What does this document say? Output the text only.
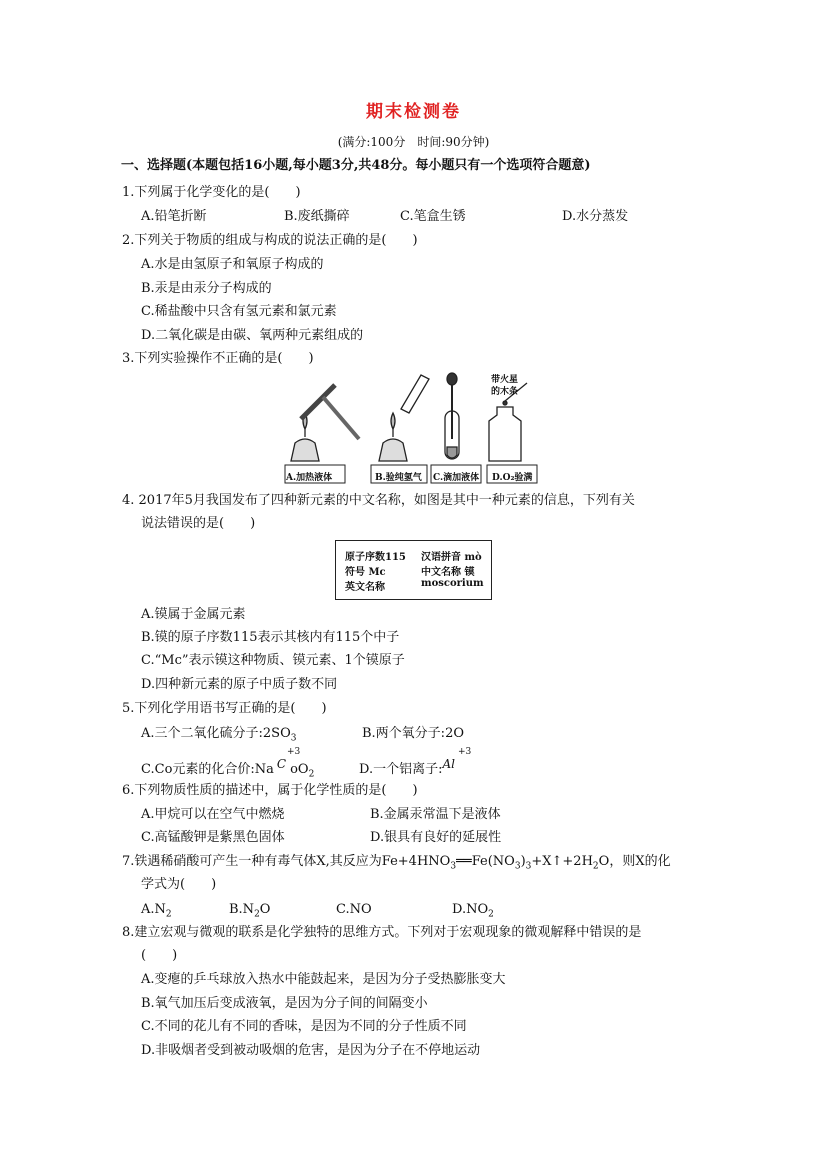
期末检测卷
(满分:100分　时间:90分钟)
一、选择题(本题包括16小题,每小题3分,共48分。每小题只有一个选项符合题意)
1.下列属于化学变化的是(　　)
A.铅笔折断	B.废纸撕碎	C.笔盒生锈	D.水分蒸发
2.下列关于物质的组成与构成的说法正确的是(　　)
A.水是由氢原子和氧原子构成的
B.汞是由汞分子构成的
C.稀盐酸中只含有氢元素和氯元素
D.二氧化碳是由碳、氧两种元素组成的
3.下列实验操作不正确的是(　　)
A.加热液体	B.验纯氢气 C.滴加液体 D.O₂验满
带火星
的木条
4. 2017年5月我国发布了四种新元素的中文名称，如图是其中一种元素的信息，下列有关
说法错误的是(　　)
原子序数115 汉语拼音 mò
符号 Mc	中文名称 镆
英文名称	moscorium
A.镆属于金属元素
B.镆的原子序数115表示其核内有115个中子
C.“Mc”表示镆这种物质、镆元素、1个镆原子
D.四种新元素的原子中质子数不同
5.下列化学用语书写正确的是(　　)
A.三个二氧化硫分子$:2SO_3$	B.两个氧分子:2O
+3
C.Co元素的化合价:Na C $oO_2$
+3
D.一个铝离子:Al
6.下列物质性质的描述中，属于化学性质的是(　　)
A.甲烷可以在空气中燃烧	B.金属汞常温下是液体
C.高锰酸钾是紫黑色固体	D.银具有良好的延展性
7.铁遇稀硝酸可产生一种有毒气体X,其反应为$Fe+4HNO_3══Fe(NO_3)_3+X↑+2H_2O$，则X的化
学式为(　　)
$A.N_2$	$B.N_2O$	C.NO	$D.NO_2$
8.建立宏观与微观的联系是化学独特的思维方式。下列对于宏观现象的微观解释中错误的是
(　　)
A.变瘪的乒乓球放入热水中能鼓起来，是因为分子受热膨胀变大
B.氧气加压后变成液氧，是因为分子间的间隔变小
C.不同的花儿有不同的香味，是因为不同的分子性质不同
D.非吸烟者受到被动吸烟的危害，是因为分子在不停地运动
